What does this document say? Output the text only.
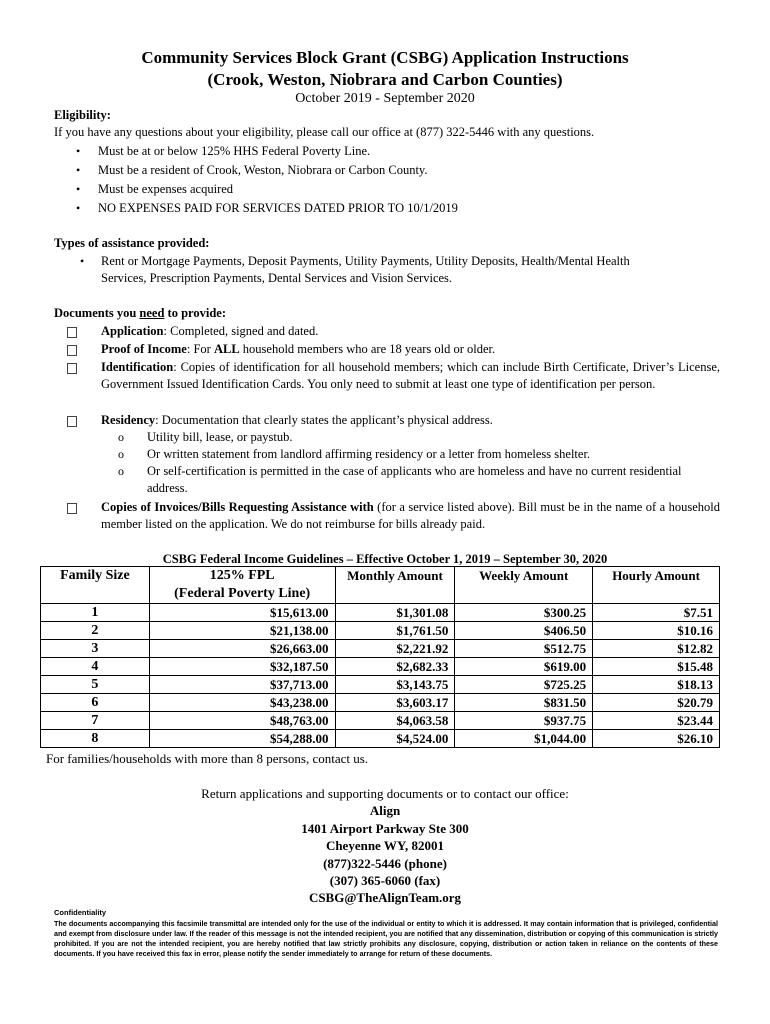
Community Services Block Grant (CSBG) Application Instructions
(Crook, Weston, Niobrara and Carbon Counties)
October 2019 - September 2020
Eligibility:
If you have any questions about your eligibility, please call our office at (877) 322-5446 with any questions.
• Must be at or below 125% HHS Federal Poverty Line.
• Must be a resident of Crook, Weston, Niobrara or Carbon County.
• Must be expenses acquired
• NO EXPENSES PAID FOR SERVICES DATED PRIOR TO 10/1/2019
Types of assistance provided:
• Rent or Mortgage Payments, Deposit Payments, Utility Payments, Utility Deposits, Health/Mental Health
Services, Prescription Payments, Dental Services and Vision Services.
Documents you need to provide:
Application: Completed, signed and dated.
Proof of Income: For ALL household members who are 18 years old or older.
Identification: Copies of identification for all household members; which can include Birth Certificate, Driver’s License, Government Issued Identification Cards. You only need to submit at least one type of identification per person.
Residency: Documentation that clearly states the applicant’s physical address.
o Utility bill, lease, or paystub.
o Or written statement from landlord affirming residency or a letter from homeless shelter.
o Or self-certification is permitted in the case of applicants who are homeless and have no current residential address.
Copies of Invoices/Bills Requesting Assistance with (for a service listed above). Bill must be in the name of a household member listed on the application. We do not reimburse for bills already paid.
CSBG Federal Income Guidelines – Effective October 1, 2019 – September 30, 2020
Family Size	125% FPL
(Federal Poverty Line)	Monthly Amount	Weekly Amount	Hourly Amount
1	$15,613.00	$1,301.08	$300.25	$7.51
2	$21,138.00	$1,761.50	$406.50	$10.16
3	$26,663.00	$2,221.92	$512.75	$12.82
4	$32,187.50	$2,682.33	$619.00	$15.48
5	$37,713.00	$3,143.75	$725.25	$18.13
6	$43,238.00	$3,603.17	$831.50	$20.79
7	$48,763.00	$4,063.58	$937.75	$23.44
8	$54,288.00	$4,524.00	$1,044.00	$26.10
For families/households with more than 8 persons, contact us.
Return applications and supporting documents or to contact our office:
Align
1401 Airport Parkway Ste 300
Cheyenne WY, 82001
(877)322-5446 (phone)
(307) 365-6060 (fax)
CSBG@TheAlignTeam.org
Confidentiality
The documents accompanying this facsimile transmittal are intended only for the use of the individual or entity to which it is addressed. It may contain information that is privileged, confidential and exempt from disclosure under law. If the reader of this message is not the intended recipient, you are notified that any dissemination, distribution or copying of this communication is strictly prohibited. If you are not the intended recipient, you are hereby notified that law strictly prohibits any disclosure, copying, distribution or action taken in reliance on the contents of these documents. If you have received this fax in error, please notify the sender immediately to arrange for return of these documents.
